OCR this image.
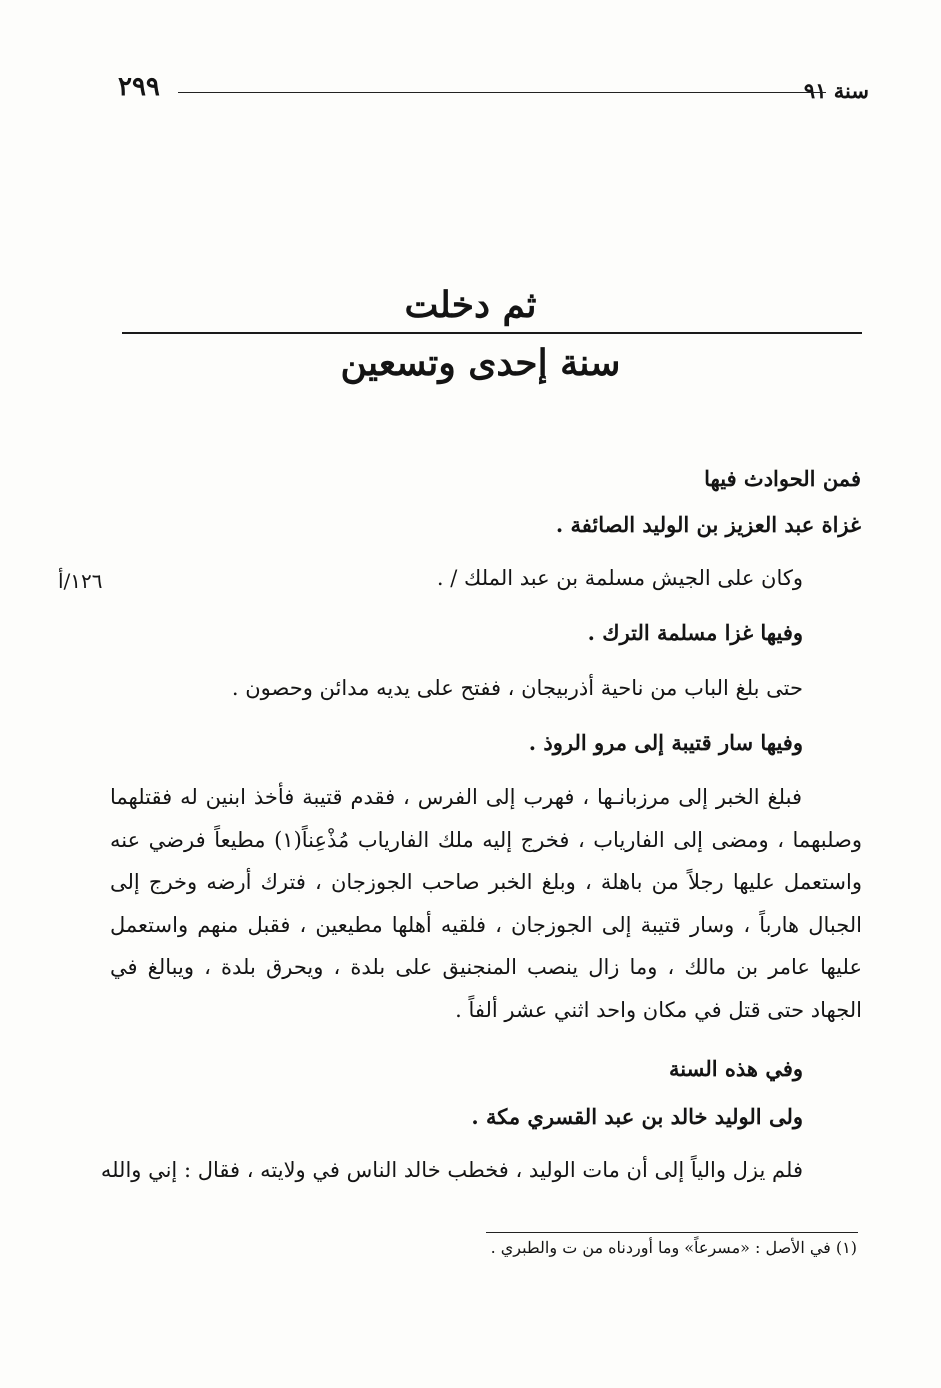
سنة ٩١
٢٩٩
ثم دخلت
سنة إحدى وتسعين
١٢٦/أ
فمن الحوادث فيها
غزاة عبد العزيز بن الوليد الصائفة .
وكان على الجيش مسلمة بن عبد الملك / .
وفيها غزا مسلمة الترك .
حتى بلغ الباب من ناحية أذربيجان ، ففتح على يديه مدائن وحصون .
وفيها سار قتيبة إلى مرو الروذ .
فبلغ الخبر إلى مرزبانـها ، فهرب إلى الفرس ، فقدم قتيبة فأخذ ابنين له فقتلهما وصلبهما ، ومضى إلى الفارياب ، فخرج إليه ملك الفارياب مُذْعِناً(١) مطيعاً فرضي عنه واستعمل عليها رجلاً من باهلة ، وبلغ الخبر صاحب الجوزجان ، فترك أرضه وخرج إلى الجبال هارباً ، وسار قتيبة إلى الجوزجان ، فلقيه أهلها مطيعين ، فقبل منهم واستعمل عليها عامر بن مالك ، وما زال ينصب المنجنيق على بلدة ، ويحرق بلدة ، ويبالغ في الجهاد حتى قتل في مكان واحد اثني عشر ألفاً .
وفي هذه السنة
ولى الوليد خالد بن عبد القسري مكة .
فلم يزل والياً إلى أن مات الوليد ، فخطب خالد الناس في ولايته ، فقال : إني والله
(١) في الأصل : «مسرعاً» وما أوردناه من ت والطبري .
